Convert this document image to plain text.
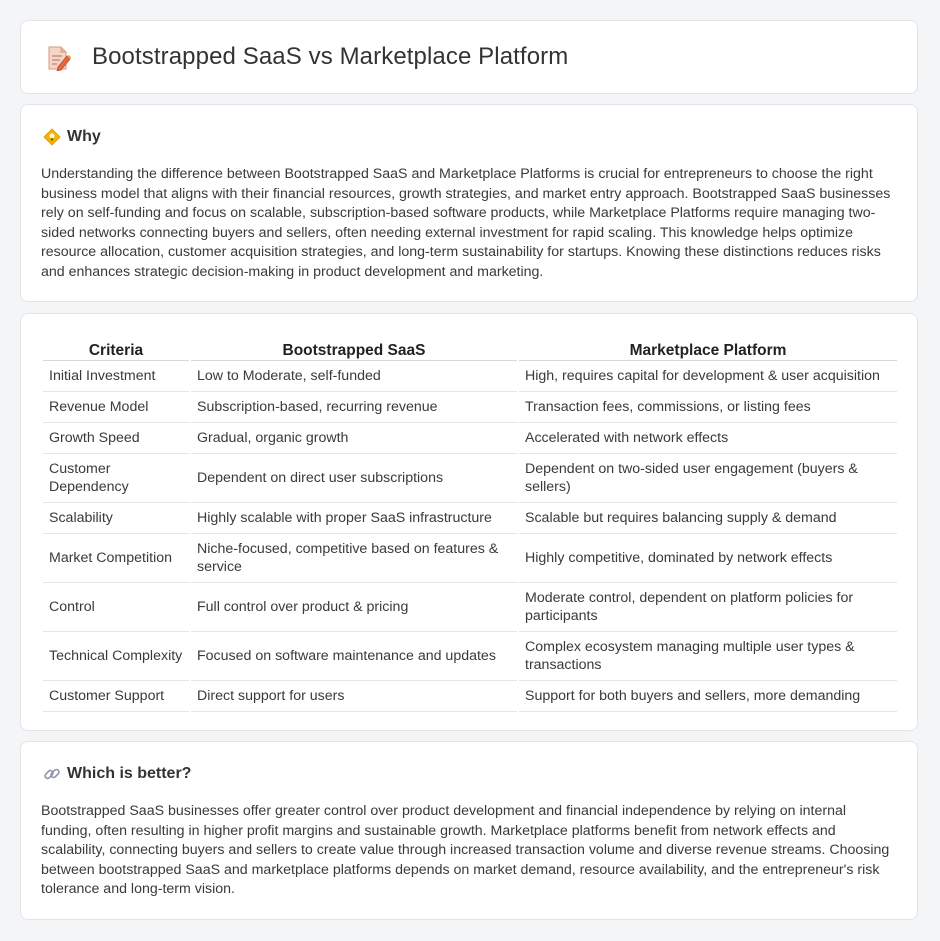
Bootstrapped SaaS vs Marketplace Platform
Why

Understanding the difference between Bootstrapped SaaS and Marketplace Platforms is crucial for entrepreneurs to choose the right business model that aligns with their financial resources, growth strategies, and market entry approach. Bootstrapped SaaS businesses rely on self-funding and focus on scalable, subscription-based software products, while Marketplace Platforms require managing two-sided networks connecting buyers and sellers, often needing external investment for rapid scaling. This knowledge helps optimize resource allocation, customer acquisition strategies, and long-term sustainability for startups. Knowing these distinctions reduces risks and enhances strategic decision-making in product development and marketing.

Criteria	Bootstrapped SaaS	Marketplace Platform
Initial Investment	Low to Moderate, self-funded	High, requires capital for development & user acquisition
Revenue Model	Subscription-based, recurring revenue	Transaction fees, commissions, or listing fees
Growth Speed	Gradual, organic growth	Accelerated with network effects
Customer Dependency	Dependent on direct user subscriptions	Dependent on two-sided user engagement (buyers & sellers)
Scalability	Highly scalable with proper SaaS infrastructure	Scalable but requires balancing supply & demand
Market Competition	Niche-focused, competitive based on features & service	Highly competitive, dominated by network effects
Control	Full control over product & pricing	Moderate control, dependent on platform policies for participants
Technical Complexity	Focused on software maintenance and updates	Complex ecosystem managing multiple user types & transactions
Customer Support	Direct support for users	Support for both buyers and sellers, more demanding
Which is better?

Bootstrapped SaaS businesses offer greater control over product development and financial independence by relying on internal funding, often resulting in higher profit margins and sustainable growth. Marketplace platforms benefit from network effects and scalability, connecting buyers and sellers to create value through increased transaction volume and diverse revenue streams. Choosing between bootstrapped SaaS and marketplace platforms depends on market demand, resource availability, and the entrepreneur's risk tolerance and long-term vision.
